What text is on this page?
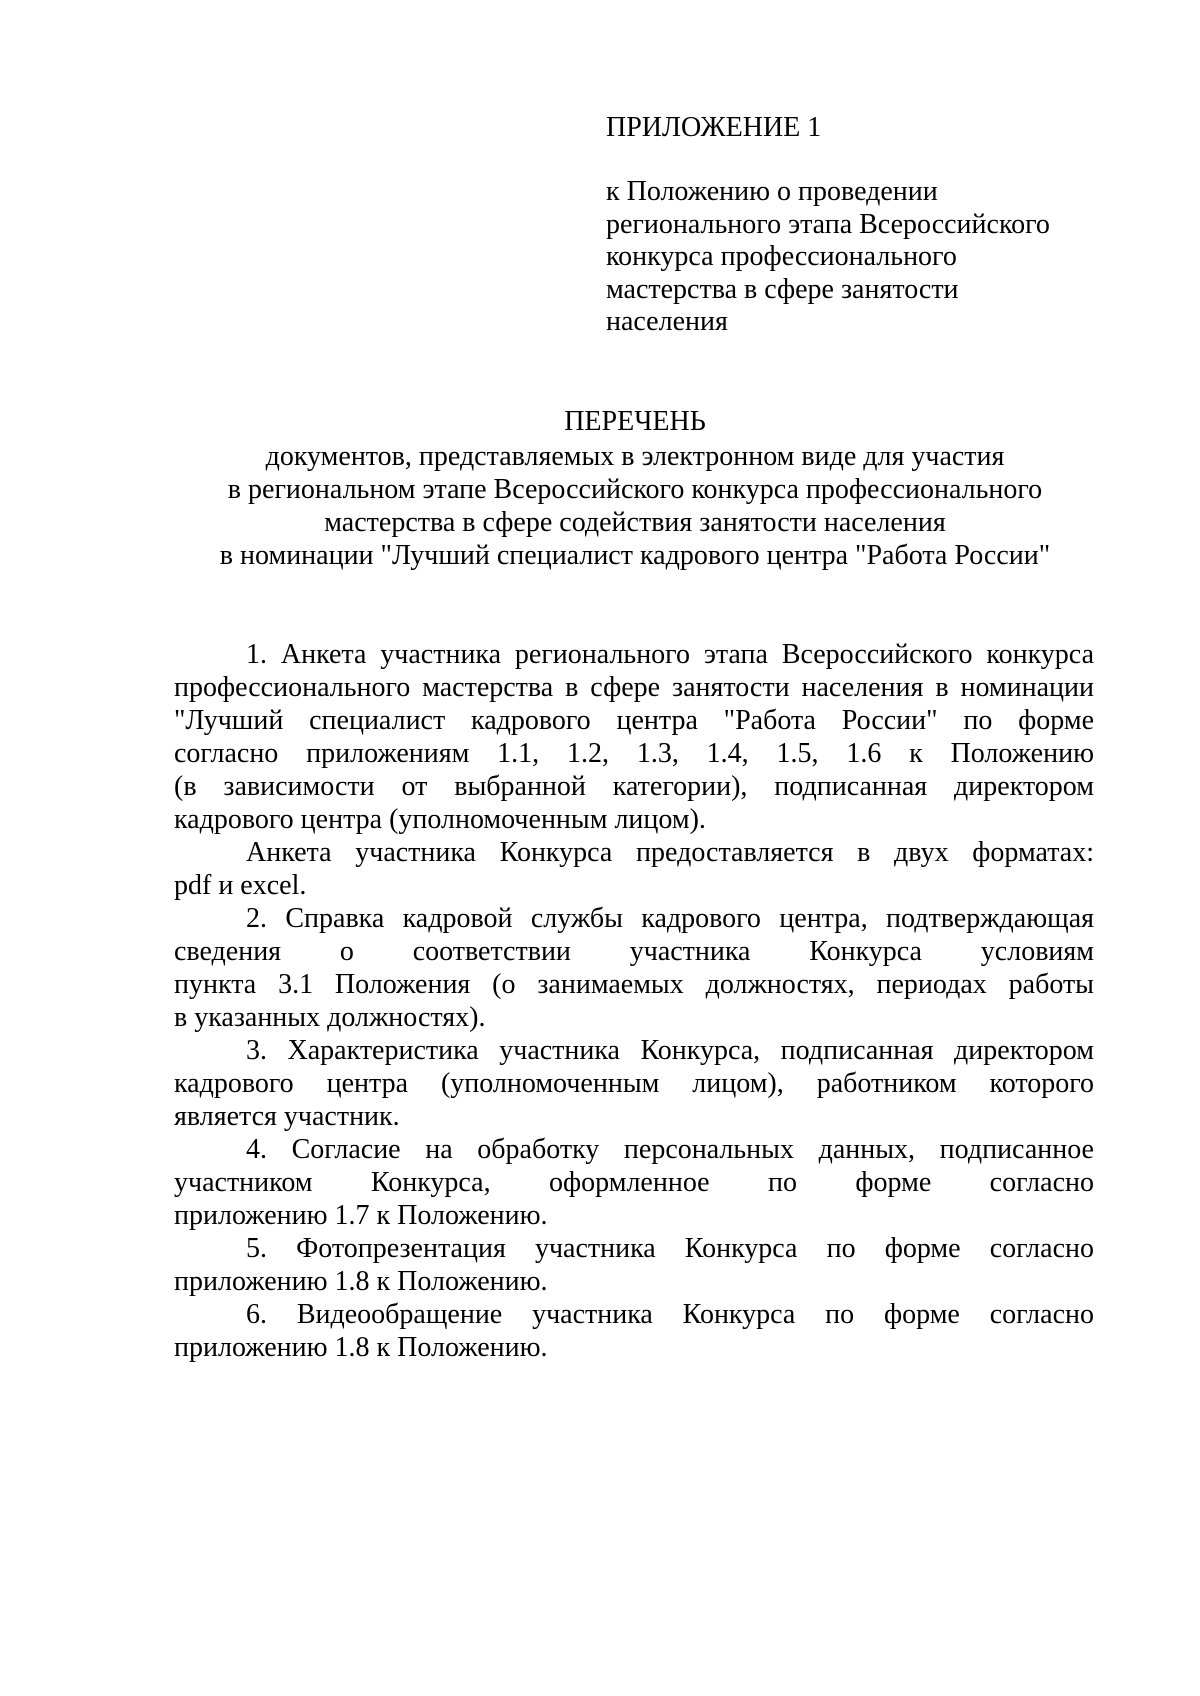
ПРИЛОЖЕНИЕ 1
к Положению о проведении
регионального этапа Всероссийского
конкурса профессионального
мастерства в сфере занятости
населения
ПЕРЕЧЕНЬ
документов, представляемых в электронном виде для участия
в региональном этапе Всероссийского конкурса профессионального
мастерства в сфере содействия занятости населения
в номинации "Лучший специалист кадрового центра "Работа России"
1. Анкета участника регионального этапа Всероссийского конкурса
профессионального мастерства в сфере занятости населения в номинации
"Лучший специалист кадрового центра "Работа России" по форме
согласно приложениям 1.1, 1.2, 1.3, 1.4, 1.5, 1.6 к Положению
(в зависимости от выбранной категории), подписанная директором
кадрового центра (уполномоченным лицом).
Анкета участника Конкурса предоставляется в двух форматах:
pdf и excel.
2. Справка кадровой службы кадрового центра, подтверждающая
сведения о соответствии участника Конкурса условиям
пункта 3.1 Положения (о занимаемых должностях, периодах работы
в указанных должностях).
3. Характеристика участника Конкурса, подписанная директором
кадрового центра (уполномоченным лицом), работником которого
является участник.
4. Согласие на обработку персональных данных, подписанное
участником Конкурса, оформленное по форме согласно
приложению 1.7 к Положению.
5. Фотопрезентация участника Конкурса по форме согласно
приложению 1.8 к Положению.
6. Видеообращение участника Конкурса по форме согласно
приложению 1.8 к Положению.
